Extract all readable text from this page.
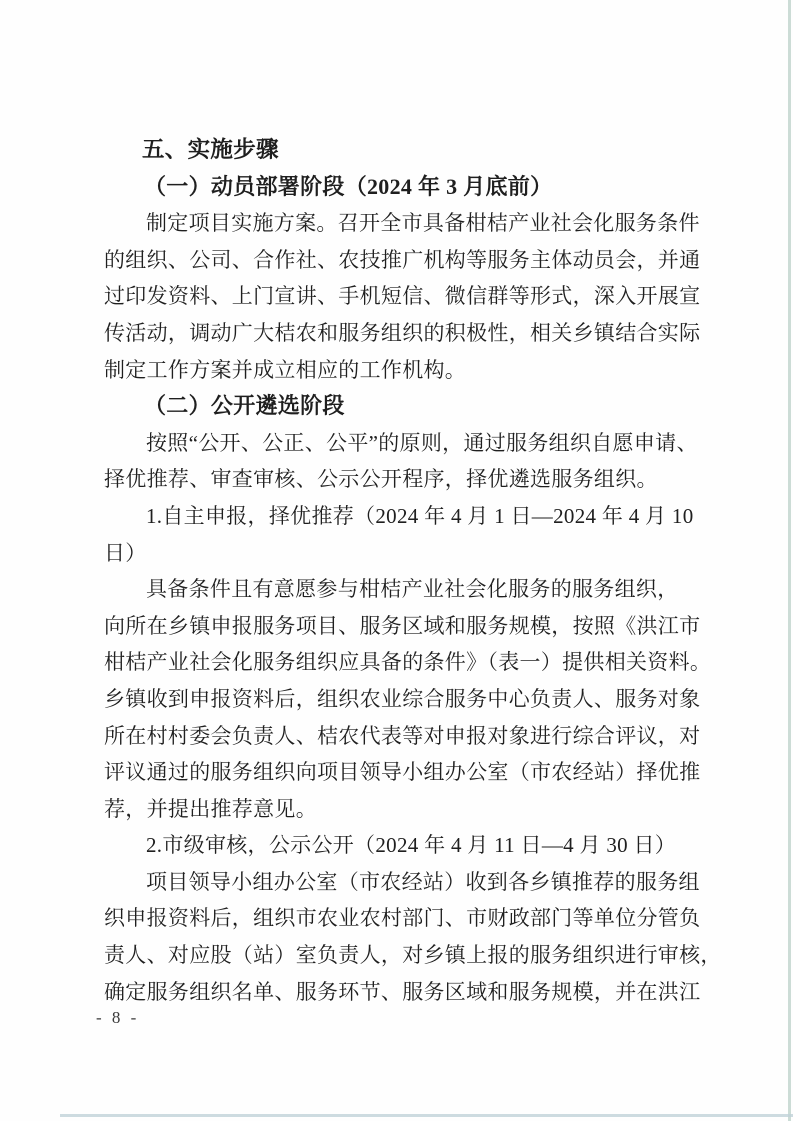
五、实施步骤
（一）动员部署阶段（2024 年 3 月底前）
制定项目实施方案。召开全市具备柑桔产业社会化服务条件
的组织、公司、合作社、农技推广机构等服务主体动员会，并通
过印发资料、上门宣讲、手机短信、微信群等形式，深入开展宣
传活动，调动广大桔农和服务组织的积极性，相关乡镇结合实际
制定工作方案并成立相应的工作机构。
（二）公开遴选阶段
按照“公开、公正、公平”的原则，通过服务组织自愿申请、
择优推荐、审查审核、公示公开程序，择优遴选服务组织。
1.自主申报，择优推荐（2024 年 4 月 1 日—2024 年 4 月 10
日）
具备条件且有意愿参与柑桔产业社会化服务的服务组织，
向所在乡镇申报服务项目、服务区域和服务规模，按照《洪江市
柑桔产业社会化服务组织应具备的条件》（表一）提供相关资料。
乡镇收到申报资料后，组织农业综合服务中心负责人、服务对象
所在村村委会负责人、桔农代表等对申报对象进行综合评议，对
评议通过的服务组织向项目领导小组办公室（市农经站）择优推
荐，并提出推荐意见。
2.市级审核，公示公开（2024 年 4 月 11 日—4 月 30 日）
项目领导小组办公室（市农经站）收到各乡镇推荐的服务组
织申报资料后，组织市农业农村部门、市财政部门等单位分管负
责人、对应股（站）室负责人，对乡镇上报的服务组织进行审核，
确定服务组织名单、服务环节、服务区域和服务规模，并在洪江
- 8 -
